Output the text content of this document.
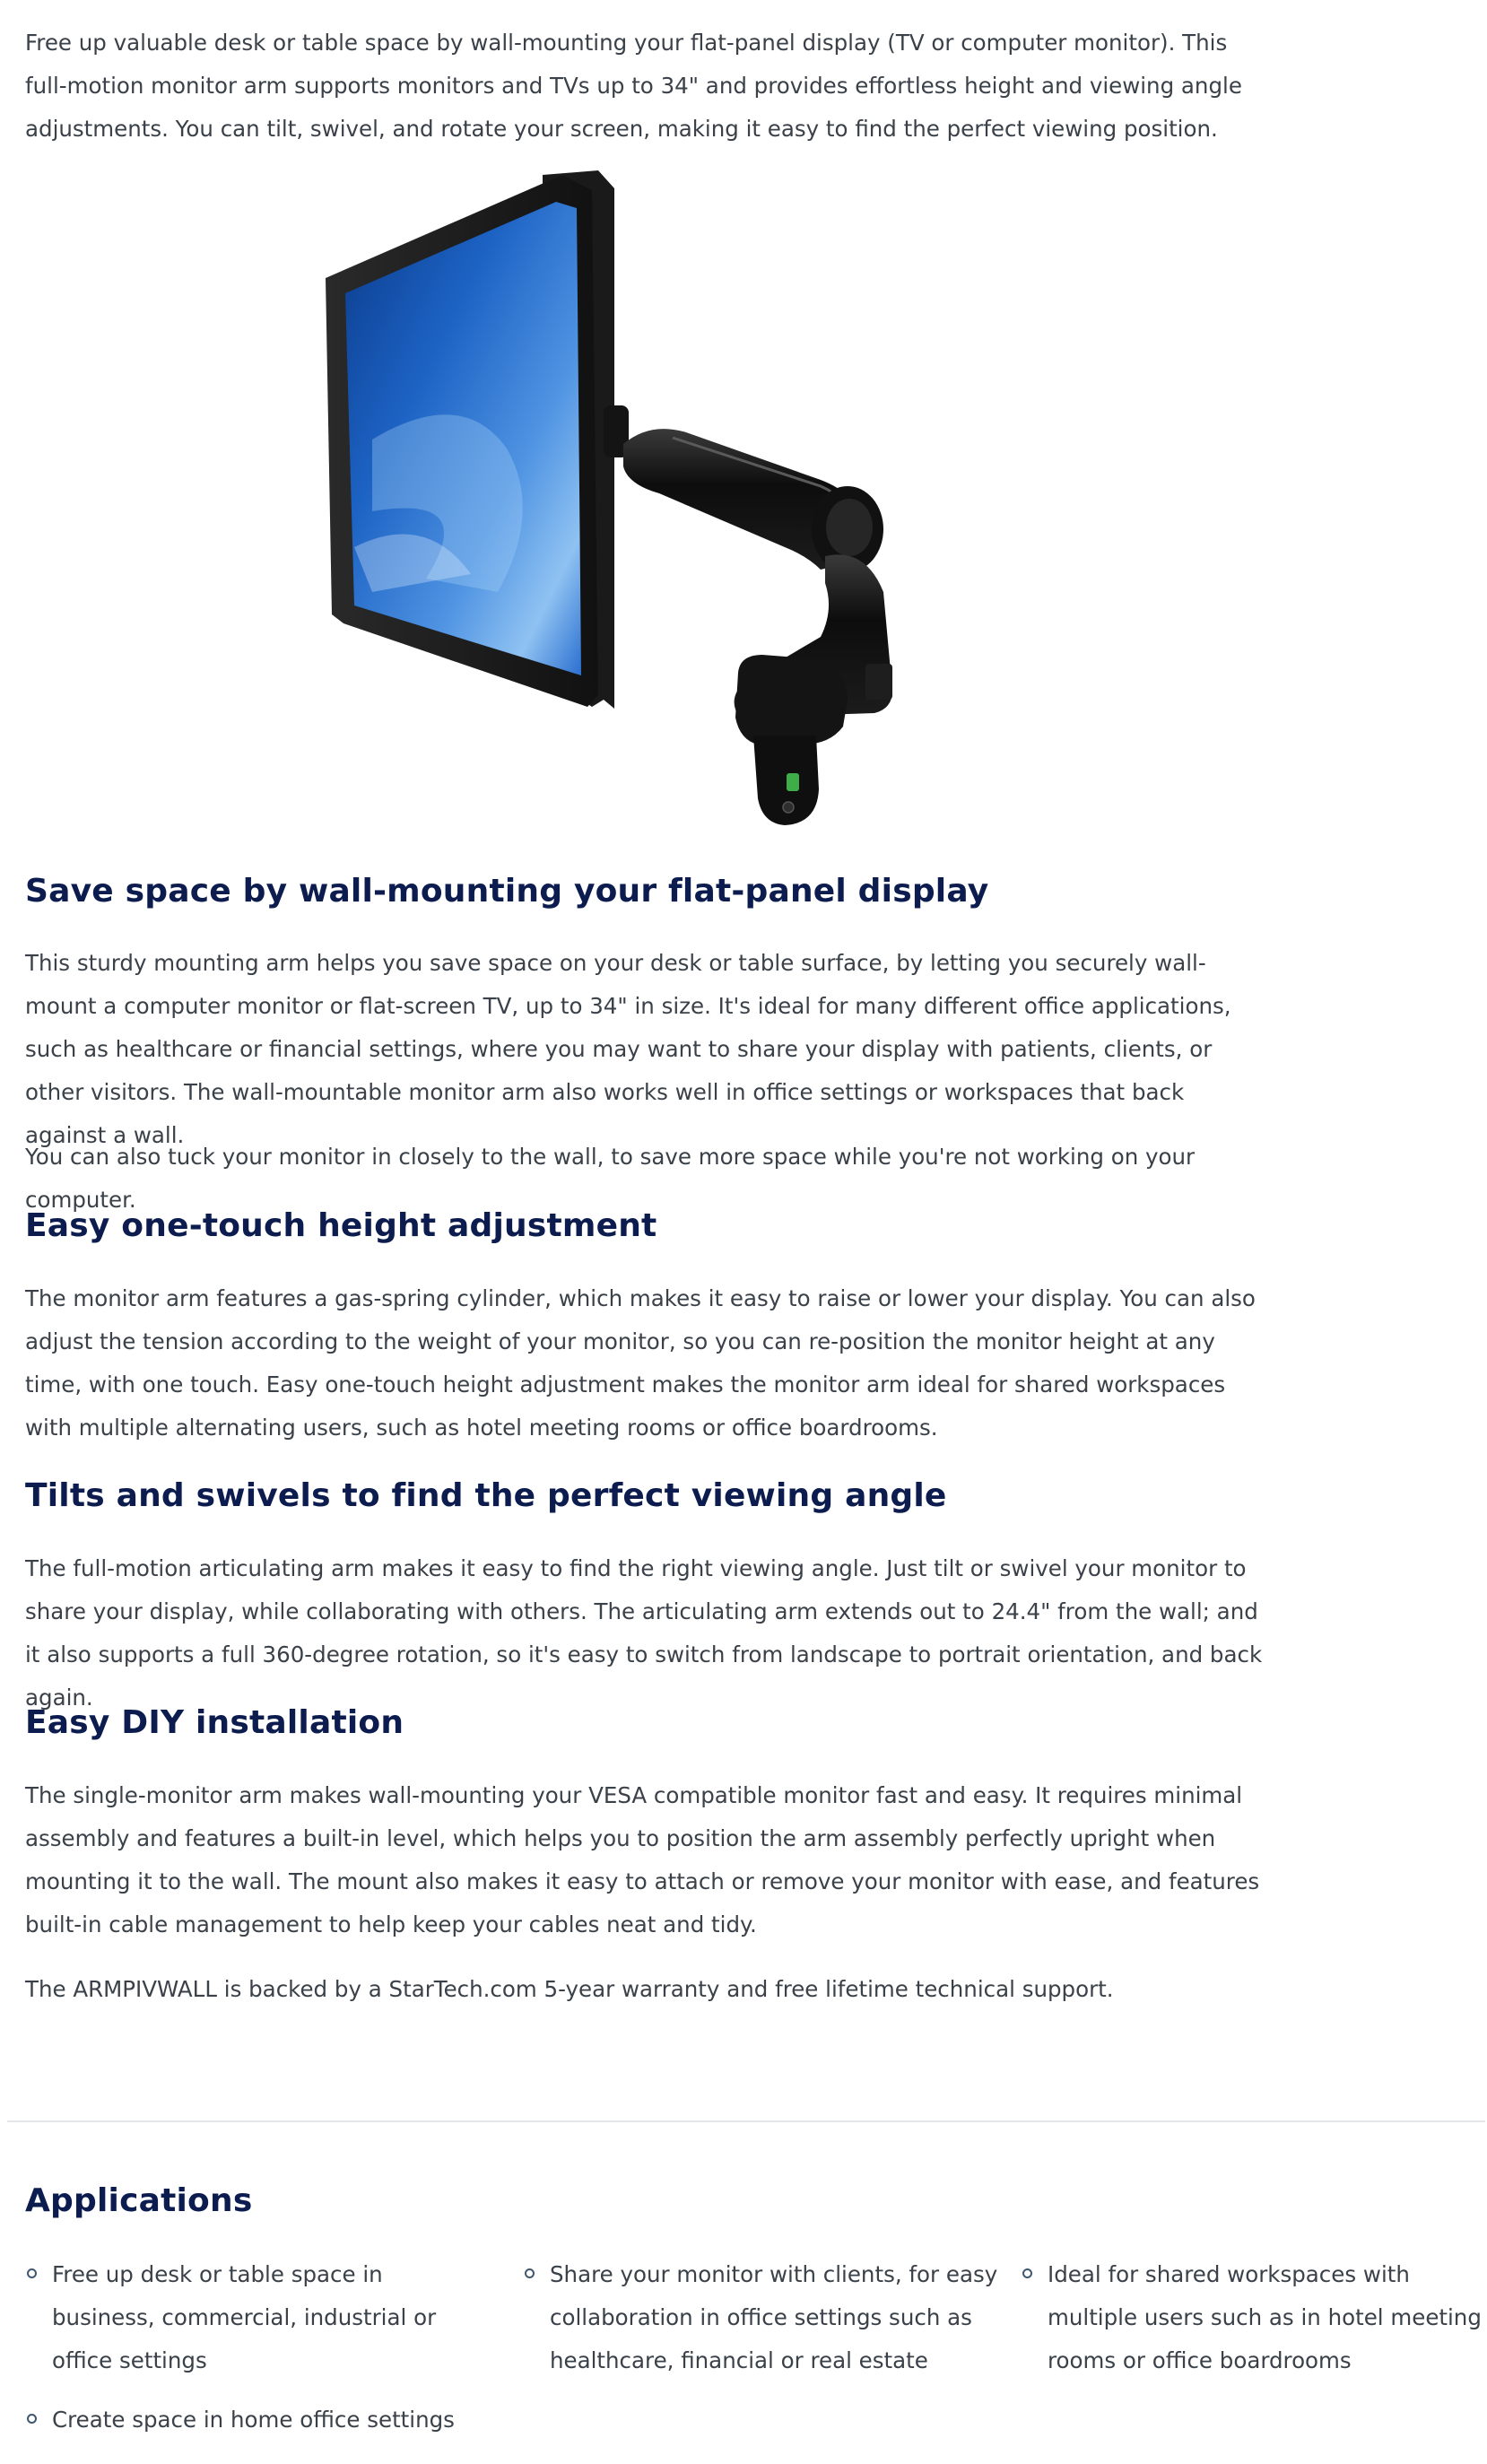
Free up valuable desk or table space by wall-mounting your flat-panel display (TV or computer monitor). This full-motion monitor arm supports monitors and TVs up to 34" and provides effortless height and viewing angle adjustments. You can tilt, swivel, and rotate your screen, making it easy to find the perfect viewing position.

Save space by wall-mounting your flat-panel display

This sturdy mounting arm helps you save space on your desk or table surface, by letting you securely wall-mount a computer monitor or flat-screen TV, up to 34" in size. It's ideal for many different office applications, such as healthcare or financial settings, where you may want to share your display with patients, clients, or other visitors. The wall-mountable monitor arm also works well in office settings or workspaces that back against a wall.

You can also tuck your monitor in closely to the wall, to save more space while you're not working on your computer.

Easy one-touch height adjustment

The monitor arm features a gas-spring cylinder, which makes it easy to raise or lower your display. You can also adjust the tension according to the weight of your monitor, so you can re-position the monitor height at any time, with one touch. Easy one-touch height adjustment makes the monitor arm ideal for shared workspaces with multiple alternating users, such as hotel meeting rooms or office boardrooms.

Tilts and swivels to find the perfect viewing angle

The full-motion articulating arm makes it easy to find the right viewing angle. Just tilt or swivel your monitor to share your display, while collaborating with others. The articulating arm extends out to 24.4" from the wall; and it also supports a full 360-degree rotation, so it's easy to switch from landscape to portrait orientation, and back again.

Easy DIY installation

The single-monitor arm makes wall-mounting your VESA compatible monitor fast and easy. It requires minimal assembly and features a built-in level, which helps you to position the arm assembly perfectly upright when mounting it to the wall. The mount also makes it easy to attach or remove your monitor with ease, and features built-in cable management to help keep your cables neat and tidy.

The ARMPIVWALL is backed by a StarTech.com 5-year warranty and free lifetime technical support.

Applications
Free up desk or table space in business, commercial, industrial or office settings
Share your monitor with clients, for easy collaboration in office settings such as healthcare, financial or real estate
Ideal for shared workspaces with multiple users such as in hotel meeting rooms or office boardrooms
Create space in home office settings
